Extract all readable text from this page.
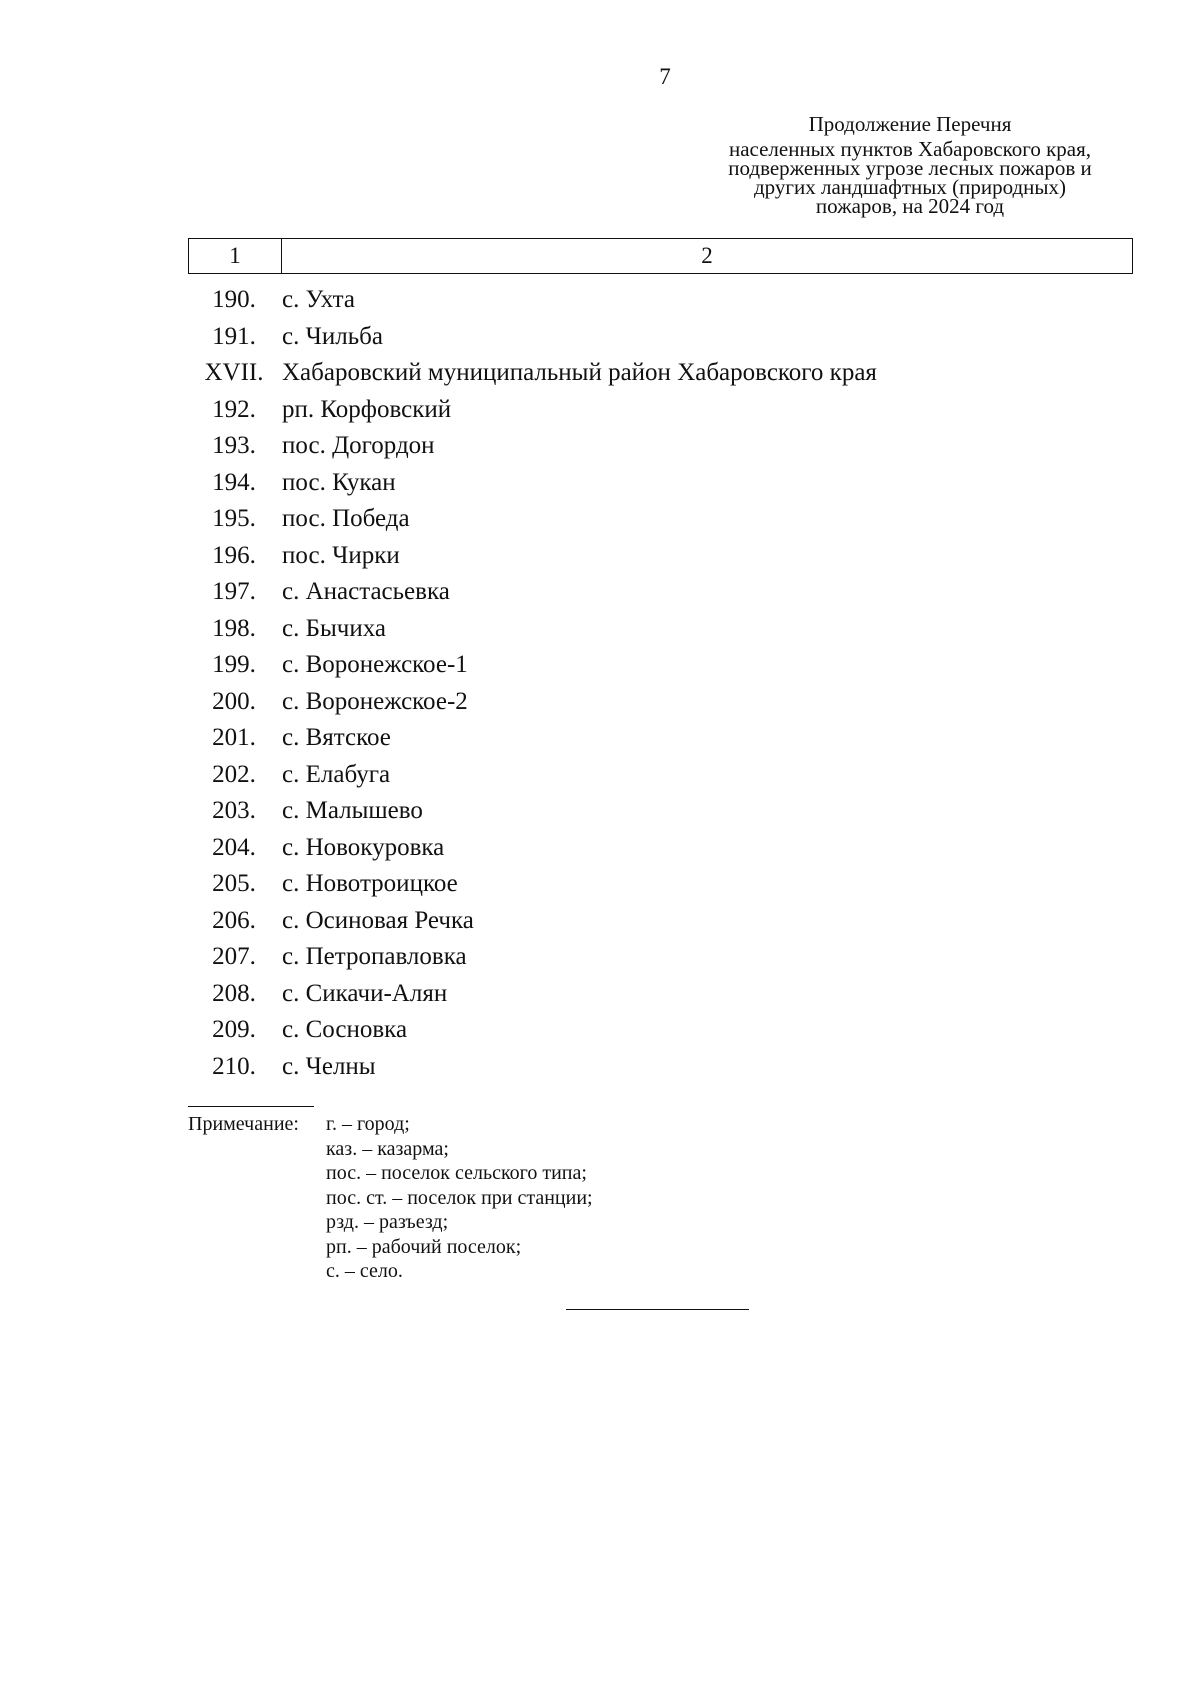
7
Продолжение Перечня
населенных пунктов Хабаровского края,
подверженных угрозе лесных пожаров и
других ландшафтных (природных)
пожаров, на 2024 год
1	2
190.	с. Ухта
191.	с. Чильба
XVII. Хабаровский муниципальный район Хабаровского края
192.	рп. Корфовский
193.	пос. Догордон
194.	пос. Кукан
195.	пос. Победа
196.	пос. Чирки
197.	с. Анастасьевка
198.	с. Бычиха
199.	с. Воронежское-1
200.	с. Воронежское-2
201.	с. Вятское
202.	с. Елабуга
203.	с. Малышево
204.	с. Новокуровка
205.	с. Новотроицкое
206.	с. Осиновая Речка
207.	с. Петропавловка
208.	с. Сикачи-Алян
209.	с. Сосновка
210.	с. Челны
Примечание: г. – город;
каз. – казарма;
пос. – поселок сельского типа;
пос. ст. – поселок при станции;
рзд. – разъезд;
рп. – рабочий поселок;
с. – село.
